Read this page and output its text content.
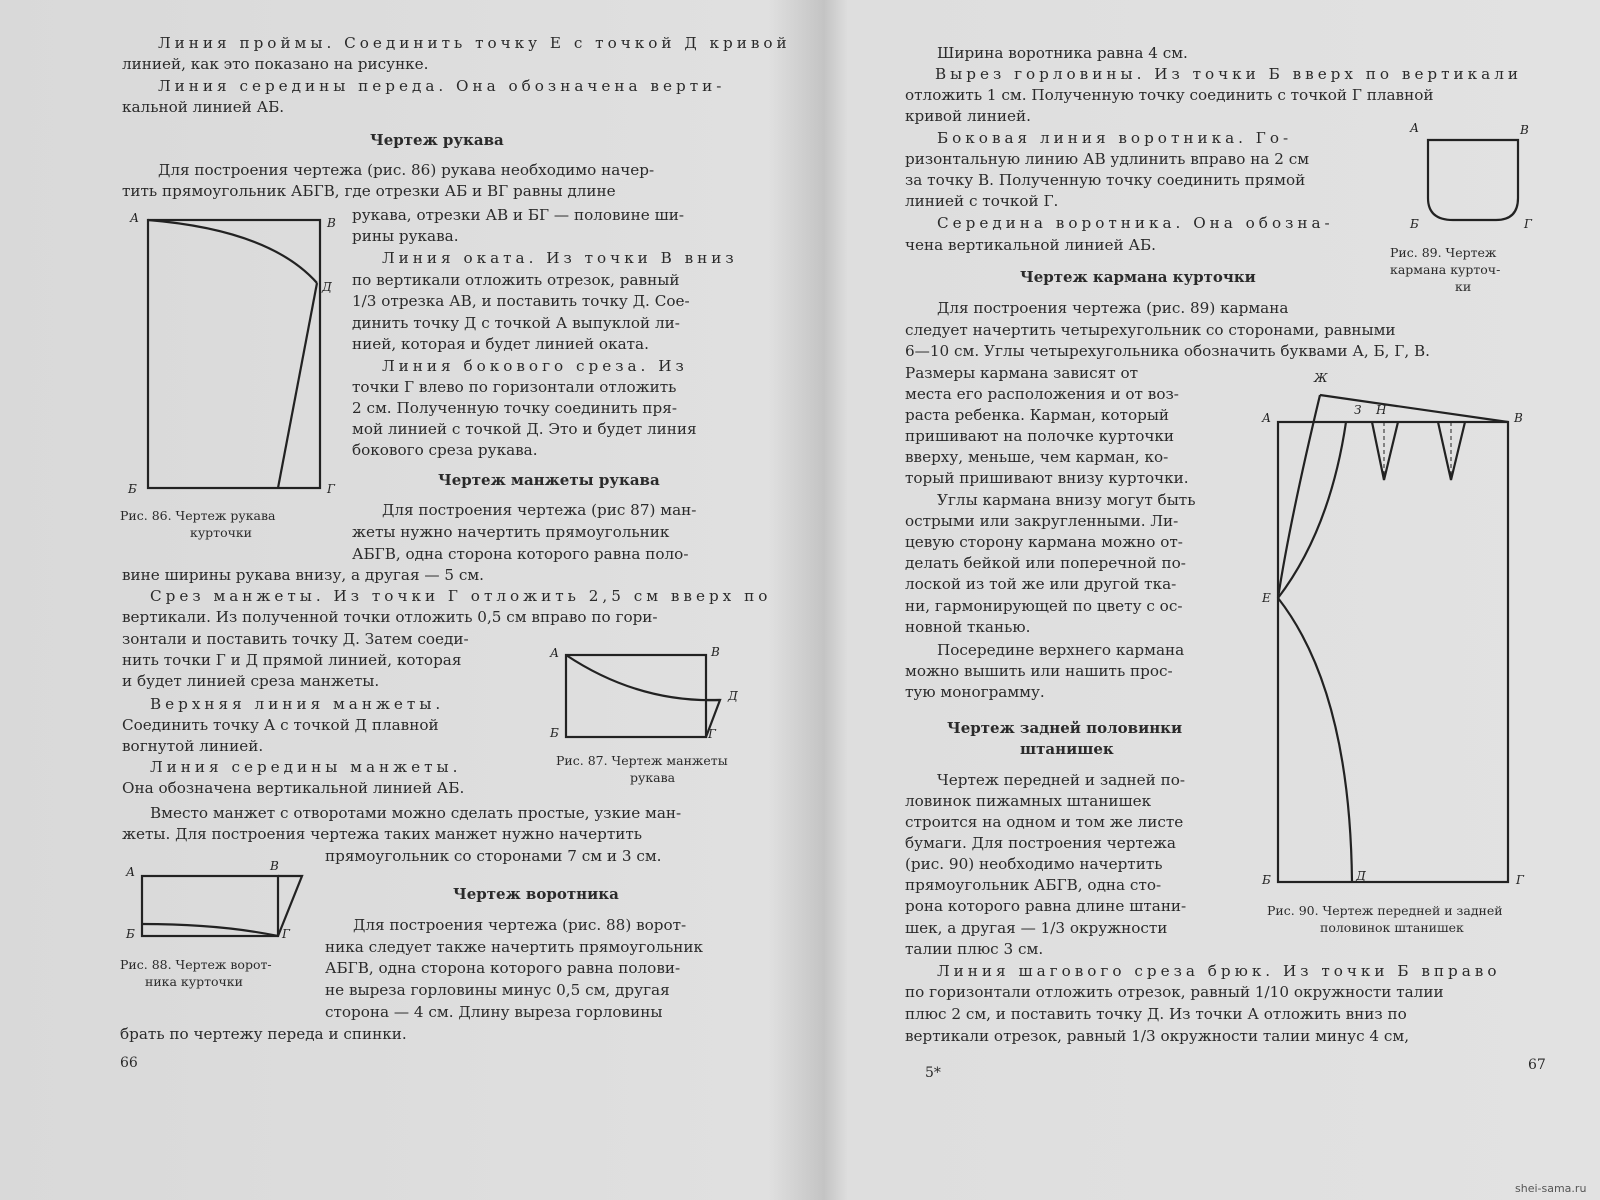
Линия проймы. Соединить точку Е с точкой Д кривой
линией, как это показано на рисунке.
Линия середины переда. Она обозначена верти-
кальной линией АБ.
Чертеж рукава
Для построения чертежа (рис. 86) рукава необходимо начер-
тить прямоугольник АБГВ, где отрезки АБ и ВГ равны длине
рукава, отрезки АВ и БГ — половине ши-
рины рукава.
Линия оката. Из точки В вниз
по вертикали отложить отрезок, равный
1/3 отрезка АВ, и поставить точку Д. Сое-
динить точку Д с точкой А выпуклой ли-
нией, которая и будет линией оката.
Линия бокового среза. Из
точки Г влево по горизонтали отложить
2 см. Полученную точку соединить пря-
мой линией с точкой Д. Это и будет линия
бокового среза рукава.
А	В
Д
Б	Г
Рис. 86. Чертеж рукава
курточки
Чертеж манжеты рукава
Для построения чертежа (рис 87) ман-
жеты нужно начертить прямоугольник
АБГВ, одна сторона которого равна поло-
вине ширины рукава внизу, а другая — 5 см.
Срез манжеты. Из точки Г отложить 2,5 см вверх по
вертикали. Из полученной точки отложить 0,5 см вправо по гори-
зонтали и поставить точку Д. Затем соеди-
нить точки Г и Д прямой линией, которая
и будет линией среза манжеты.
Верхняя линия манжеты.
Соединить точку А с точкой Д плавной
вогнутой линией.
Линия середины манжеты.
Она обозначена вертикальной линией АБ.
А	В
Д
Б	Г
Рис. 87. Чертеж манжеты
рукава
Вместо манжет с отворотами можно сделать простые, узкие ман-
жеты. Для построения чертежа таких манжет нужно начертить
прямоугольник со сторонами 7 см и 3 см.
А	В
Б	Г
Рис. 88. Чертеж ворот-
ника курточки
Чертеж воротника
Для построения чертежа (рис. 88) ворот-
ника следует также начертить прямоугольник
АБГВ, одна сторона которого равна полови-
не выреза горловины минус 0,5 см, другая
сторона — 4 см. Длину выреза горловины
брать по чертежу переда и спинки.
66
Ширина воротника равна 4 см.
Вырез горловины. Из точки Б вверх по вертикали
отложить 1 см. Полученную точку соединить с точкой Г плавной
кривой линией.
Боковая линия воротника. Го-
ризонтальную линию АВ удлинить вправо на 2 см
за точку В. Полученную точку соединить прямой
линией с точкой Г.
Середина воротника. Она обозна-
чена вертикальной линией АБ.
А	В
Б	Г
Рис. 89. Чертеж
кармана курточ-
ки
Чертеж кармана курточки
Для построения чертежа (рис. 89) кармана
следует начертить четырехугольник со сторонами, равными
6—10 см. Углы четырехугольника обозначить буквами А, Б, Г, В.
Размеры кармана зависят от
места его расположения и от воз-
раста ребенка. Карман, который
пришивают на полочке курточки
вверху, меньше, чем карман, ко-
торый пришивают внизу курточки.
Углы кармана внизу могут быть
острыми или закругленными. Ли-
цевую сторону кармана можно от-
делать бейкой или поперечной по-
лоской из той же или другой тка-
ни, гармонирующей по цвету с ос-
новной тканью.
Посередине верхнего кармана
можно вышить или нашить прос-
тую монограмму.
Чертеж задней половинки
штанишек
Чертеж передней и задней по-
ловинок пижамных штанишек
строится на одном и том же листе
бумаги. Для построения чертежа
(рис. 90) необходимо начертить
прямоугольник АБГВ, одна сто-
рона которого равна длине штани-
шек, а другая — 1/3 окружности
талии плюс 3 см.
Ж
З Н
А	В
Е
Б	Д	Г
Рис. 90. Чертеж передней и задней
половинок штанишек
Линия шагового среза брюк. Из точки Б вправо
по горизонтали отложить отрезок, равный 1/10 окружности талии
плюс 2 см, и поставить точку Д. Из точки А отложить вниз по
вертикали отрезок, равный 1/3 окружности талии минус 4 см,
5*	67
shei-sama.ru
